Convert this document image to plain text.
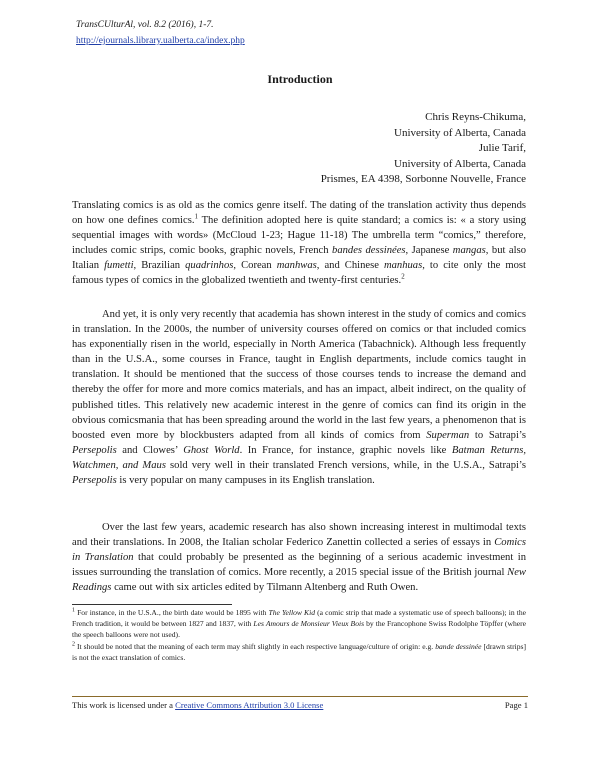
TransCUlturAl, vol. 8.2 (2016), 1-7.
http://ejournals.library.ualberta.ca/index.php
Introduction
Chris Reyns-Chikuma,
University of Alberta, Canada
Julie Tarif,
University of Alberta, Canada
Prismes, EA 4398, Sorbonne Nouvelle, France
Translating comics is as old as the comics genre itself. The dating of the translation activity thus depends on how one defines comics.$^1$ The definition adopted here is quite standard; a comics is: « a story using sequential images with words» (McCloud 1-23; Hague 11-18) The umbrella term “comics,” therefore, includes comic strips, comic books, graphic novels, French bandes dessinées, Japanese mangas, but also Italian fumetti, Brazilian quadrinhos, Corean manhwas, and Chinese manhuas, to cite only the most famous types of comics in the globalized twentieth and twenty-first centuries.$^2$
And yet, it is only very recently that academia has shown interest in the study of comics and comics in translation. In the 2000s, the number of university courses offered on comics or that included comics has exponentially risen in the world, especially in North America (Tabachnick). Although less frequently than in the U.S.A., some courses in France, taught in English departments, include comics taught in translation. It should be mentioned that the success of those courses tends to increase the demand and thereby the offer for more and more comics materials, and has an impact, albeit indirect, on the quality of published titles. This relatively new academic interest in the genre of comics can find its origin in the obvious comicsmania that has been spreading around the world in the last few years, a phenomenon that is boosted even more by blockbusters adapted from all kinds of comics from Superman to Satrapi’s Persepolis and Clowes’ Ghost World. In France, for instance, graphic novels like Batman Returns, Watchmen, and Maus sold very well in their translated French versions, while, in the U.S.A., Satrapi’s Persepolis is very popular on many campuses in its English translation.
Over the last few years, academic research has also shown increasing interest in multimodal texts and their translations. In 2008, the Italian scholar Federico Zanettin collected a series of essays in Comics in Translation that could probably be presented as the beginning of a serious academic investment in issues surrounding the translation of comics. More recently, a 2015 special issue of the British journal New Readings came out with six articles edited by Tilmann Altenberg and Ruth Owen.
$^1$ For instance, in the U.S.A., the birth date would be 1895 with The Yellow Kid (a comic strip that made a systematic use of speech balloons); in the French tradition, it would be between 1827 and 1837, with Les Amours de Monsieur Vieux Bois by the Francophone Swiss Rodolphe Töpffer (where the speech balloons were not used).
$^2$ It should be noted that the meaning of each term may shift slightly in each respective language/culture of origin: e.g. bande dessinée [drawn strips] is not the exact translation of comics.
This work is licensed under a Creative Commons Attribution 3.0 License	Page 1
